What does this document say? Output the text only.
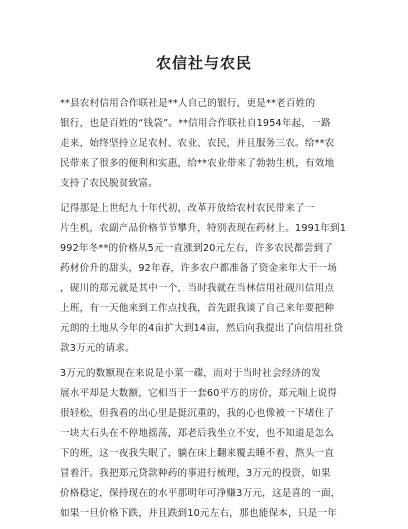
农信社与农民
**县农村信用合作联社是**人自己的银行，更是**老百姓的
银行，也是百姓的“钱袋”。**信用合作联社自1954年起，一路
走来，始终坚持立足农村、农业、农民，并且服务三农。给**农
民带来了很多的便利和实惠，给**农业带来了勃勃生机，有效地
支持了农民脱贫致富。
记得那是上世纪九十年代初，改革开放给农村农民带来了一
片生机，农副产品价格节节攀升，特别表现在药材上。1991年到1
992年冬**的价格从5元一直涨到20元左右，许多农民都尝到了
药材价升的甜头，92年春，许多农户都准备了资金来年大干一场
，砚川的郑元就是其中一个，当时我就在当林信用社砚川信用点
上班，有一天他来到工作点找我，首先跟我谈了自己来年要把种
元朗的土地从今年的4亩扩大到14亩，然后向我提出了向信用社贷
款3万元的请求。
3万元的数额现在来说是小菜一碟，而对于当时社会经济的发
展水平却是大数额，它相当于一套60平方的房价，郑元喘上说得
很轻松，但我看的出心里是挺沉重的，我的心也像被一下堵住了
一块大石头在不停地摇荡，郑老后我坐立不安，也不知道是怎么
下的班，这一夜我失眠了，躺在床上翻来覆去睡不着，熬头一直
冒着汗。我把郑元贷款种药的事进行梳理，3万元的投资，如果
价格稳定，保持现在的水平那明年可净赚3万元，这是喜的一面，
如果一旦价格下跌，并且跌到10元左右，那也能保本，只是一年
